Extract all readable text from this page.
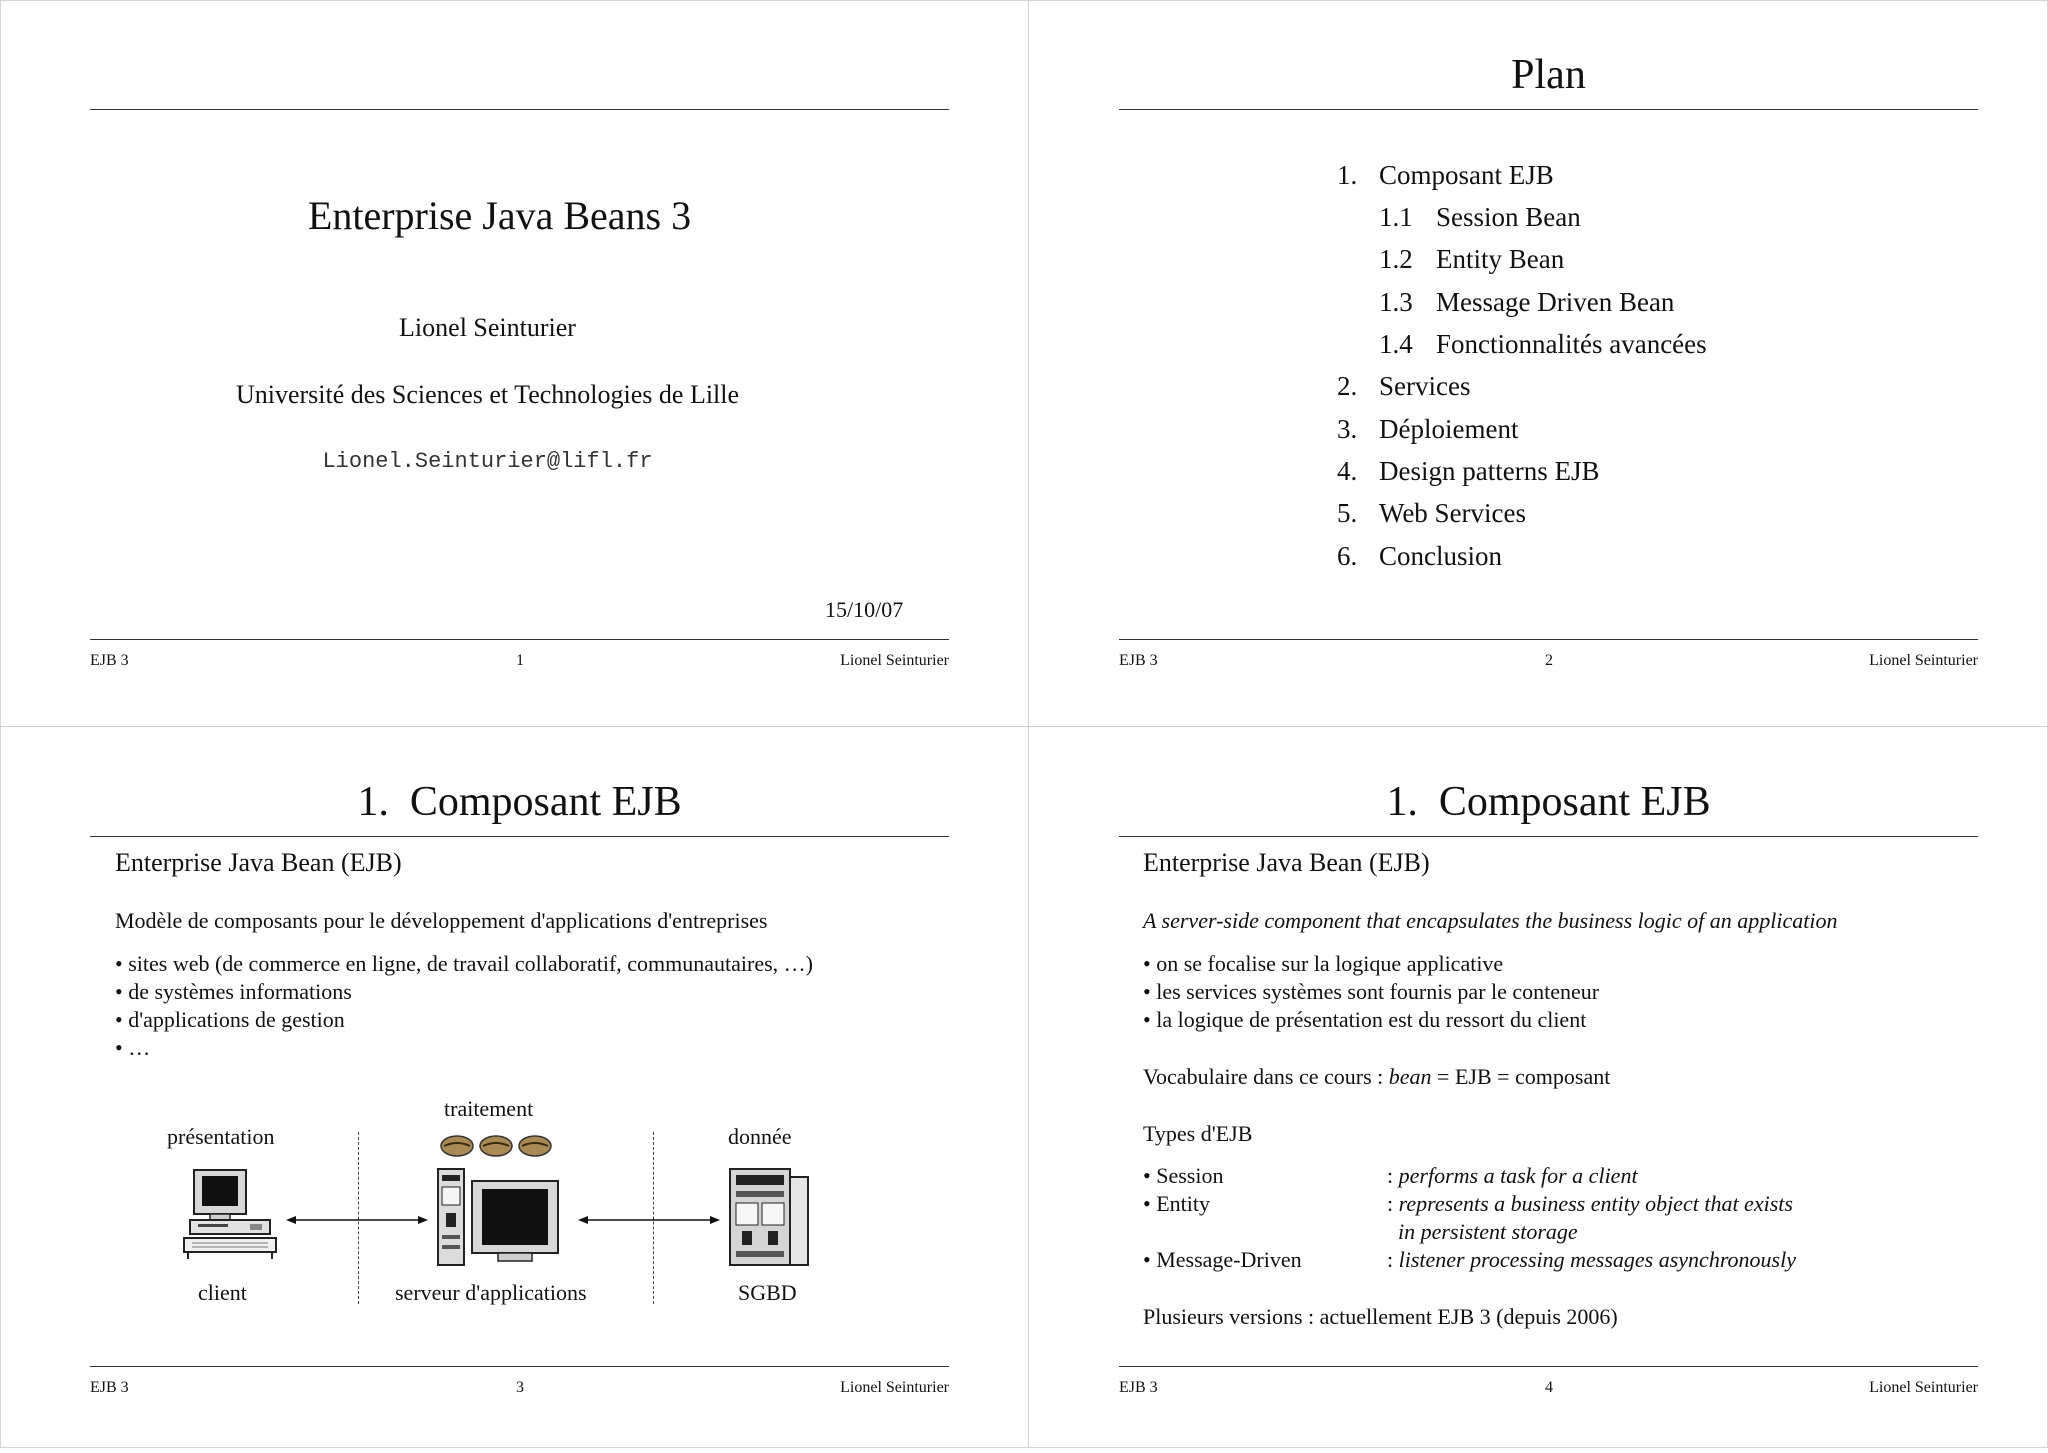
Enterprise Java Beans 3
Lionel Seinturier
Université des Sciences et Technologies de Lille
Lionel.Seinturier@lifl.fr
15/10/07
EJB 3	1	Lionel Seinturier
Plan
1. Composant EJB
1.1 Session Bean
1.2 Entity Bean
1.3 Message Driven Bean
1.4 Fonctionnalités avancées
2. Services
3. Déploiement
4. Design patterns EJB
5. Web Services
6. Conclusion
EJB 3	2	Lionel Seinturier
1.  Composant EJB
Enterprise Java Bean (EJB)
Modèle de composants pour le développement d'applications d'entreprises
• sites web (de commerce en ligne, de travail collaboratif, communautaires, …)
• de systèmes informations
• d'applications de gestion
• …
présentation
traitement
donnée
client	serveur d'applications	SGBD
EJB 3	3	Lionel Seinturier
1.  Composant EJB
Enterprise Java Bean (EJB)
A server-side component that encapsulates the business logic of an application
• on se focalise sur la logique applicative
• les services systèmes sont fournis par le conteneur
• la logique de présentation est du ressort du client
Vocabulaire dans ce cours : bean = EJB = composant
Types d'EJB
• Session	: performs a task for a client
• Entity	: represents a business entity object that exists
in persistent storage
• Message-Driven	: listener processing messages asynchronously
Plusieurs versions : actuellement EJB 3 (depuis 2006)
EJB 3	4	Lionel Seinturier
